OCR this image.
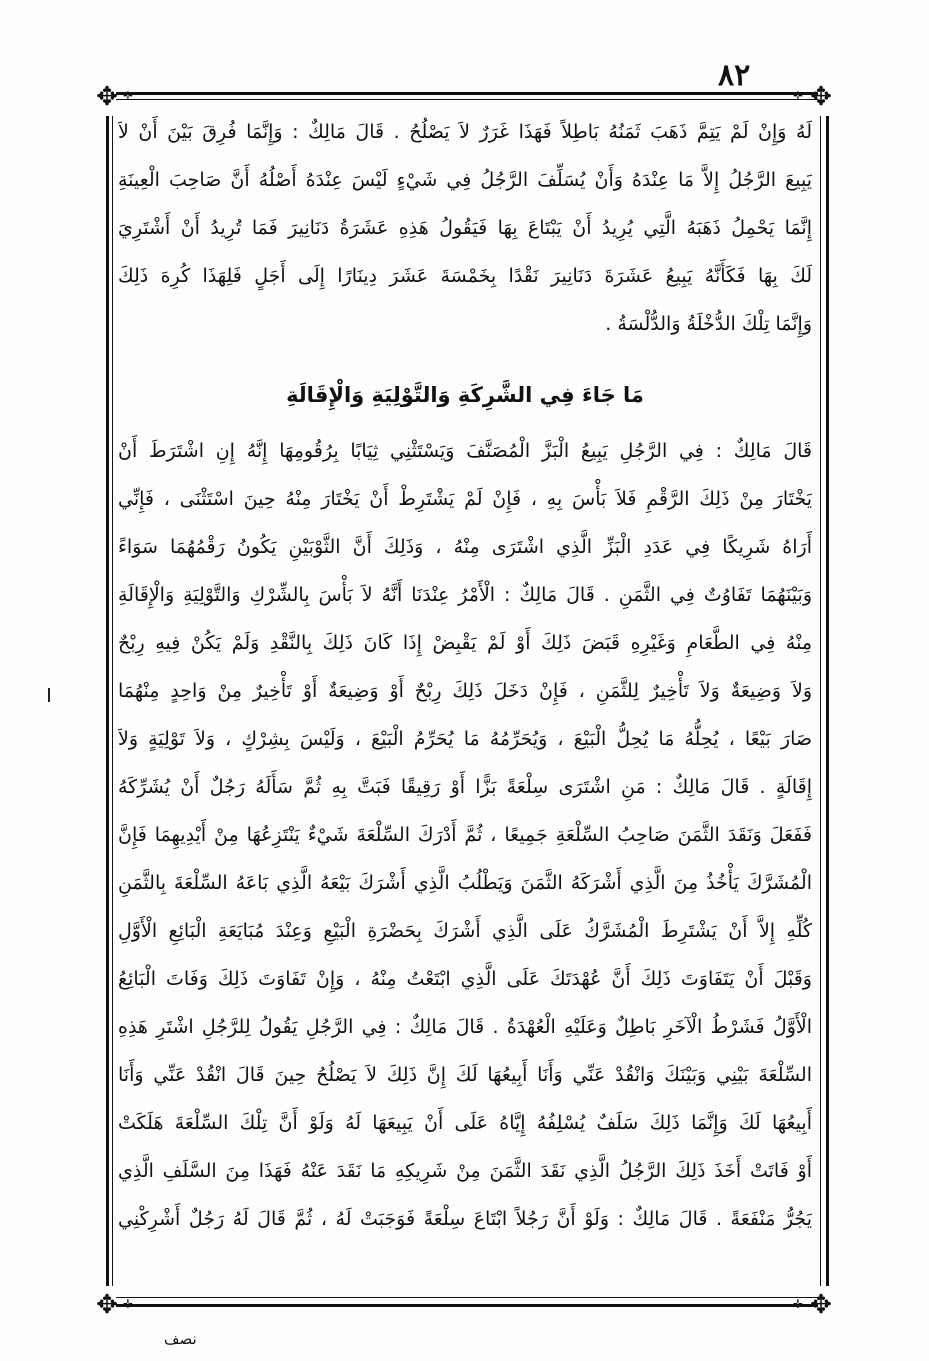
٨٢
✥	✥
✥	✥
✛	✛
✛	✛
لَهُ وَإِنْ لَمْ يَتِمَّ ذَهَبَ ثَمَنُهُ بَاطِلاً فَهَذَا غَرَرٌ لاَ يَصْلُحُ . قَالَ مَالِكٌ : وَإِنَّمَا فُرِقَ بَيْنَ أَنْ لاَ
يَبِيعَ الرَّجُلُ إِلاَّ مَا عِنْدَهُ وَأَنْ يُسَلِّفَ الرَّجُلُ فِي شَيْءٍ لَيْسَ عِنْدَهُ أَصْلُهُ أَنَّ صَاحِبَ الْعِينَةِ
إِنَّمَا يَحْمِلُ ذَهَبَهُ الَّتِي يُرِيدُ أَنْ يَبْتَاعَ بِهَا فَيَقُولُ هَذِهِ عَشَرَةُ دَنَانِيرَ فَمَا تُرِيدُ أَنْ أَشْتَرِيَ
لَكَ بِهَا فَكَأَنَّهُ يَبِيعُ عَشَرَةَ دَنَانِيرَ نَقْدًا بِخَمْسَةَ عَشَرَ دِينَارًا إِلَى أَجَلٍ فَلِهَذَا كُرِهَ ذَلِكَ
وَإِنَّمَا تِلْكَ الدُّخْلَةُ وَالدُّلْسَةُ .
مَا جَاءَ فِي الشَّرِكَةِ وَالتَّوْلِيَةِ وَالْإِقَالَةِ
قَالَ مَالِكٌ : فِي الرَّجُلِ يَبِيعُ الْبَزَّ الْمُصَنَّفَ وَيَسْتَثْنِي ثِيَابًا بِرُقُومِهَا إِنَّهُ إِنِ اشْتَرَطَ أَنْ
يَخْتَارَ مِنْ ذَلِكَ الرَّقْمِ فَلاَ بَأْسَ بِهِ ، فَإِنْ لَمْ يَشْتَرِطْ أَنْ يَخْتَارَ مِنْهُ حِينَ اسْتَثْنَى ، فَإِنِّي
أَرَاهُ شَرِيكًا فِي عَدَدِ الْبَزِّ الَّذِي اشْتَرَى مِنْهُ ، وَذَلِكَ أَنَّ الثَّوْبَيْنِ يَكُونُ رَقْمُهُمَا سَوَاءً
وَبَيْنَهُمَا تَفَاوُتٌ فِي الثَّمَنِ . قَالَ مَالِكٌ : الْأَمْرُ عِنْدَنَا أَنَّهُ لاَ بَأْسَ بِالشِّرْكِ وَالتَّوْلِيَةِ وَالْإِقَالَةِ
مِنْهُ فِي الطَّعَامِ وَغَيْرِهِ قَبَضَ ذَلِكَ أَوْ لَمْ يَقْبِضْ إِذَا كَانَ ذَلِكَ بِالنَّقْدِ وَلَمْ يَكُنْ فِيهِ رِبْحٌ
وَلاَ وَضِيعَةٌ وَلاَ تَأْخِيرٌ لِلثَّمَنِ ، فَإِنْ دَخَلَ ذَلِكَ رِبْحٌ أَوْ وَضِيعَةٌ أَوْ تَأْخِيرٌ مِنْ وَاحِدٍ مِنْهُمَا
صَارَ بَيْعًا ، يُحِلُّهُ مَا يُحِلُّ الْبَيْعَ ، وَيُحَرِّمُهُ مَا يُحَرِّمُ الْبَيْعَ ، وَلَيْسَ بِشِرْكٍ ، وَلاَ تَوْلِيَةٍ وَلاَ
إِقَالَةٍ . قَالَ مَالِكٌ : مَنِ اشْتَرَى سِلْعَةً بَزًّا أَوْ رَقِيقًا فَبَتَّ بِهِ ثُمَّ سَأَلَهُ رَجُلٌ أَنْ يُشَرِّكَهُ
فَفَعَلَ وَنَقَدَ الثَّمَنَ صَاحِبُ السِّلْعَةِ جَمِيعًا ، ثُمَّ أَدْرَكَ السِّلْعَةَ شَيْءٌ يَنْتَزِعُهَا مِنْ أَيْدِيهِمَا فَإِنَّ
الْمُشَرَّكَ يَأْخُذُ مِنَ الَّذِي أَشْرَكَهُ الثَّمَنَ وَيَطْلُبُ الَّذِي أَشْرَكَ بَيْعَهُ الَّذِي بَاعَهُ السِّلْعَةَ بِالثَّمَنِ
كُلِّهِ إِلاَّ أَنْ يَشْتَرِطَ الْمُشَرَّكُ عَلَى الَّذِي أَشْرَكَ بِحَضْرَةِ الْبَيْعِ وَعِنْدَ مُبَايَعَةِ الْبَائِعِ الْأَوَّلِ
وَقَبْلَ أَنْ يَتَفَاوَتَ ذَلِكَ أَنَّ عُهْدَتَكَ عَلَى الَّذِي ابْتَعْتُ مِنْهُ ، وَإِنْ تَفَاوَتَ ذَلِكَ وَفَاتَ الْبَائِعُ
الْأَوَّلُ فَشَرْطُ الْآخَرِ بَاطِلٌ وَعَلَيْهِ الْعُهْدَةُ . قَالَ مَالِكٌ : فِي الرَّجُلِ يَقُولُ لِلرَّجُلِ اشْتَرِ هَذِهِ
السِّلْعَةَ بَيْنِي وَبَيْنَكَ وَانْقُدْ عَنِّي وَأَنَا أَبِيعُهَا لَكَ إِنَّ ذَلِكَ لاَ يَصْلُحُ حِينَ قَالَ انْقُدْ عَنِّي وَأَنَا
أَبِيعُهَا لَكَ وَإِنَّمَا ذَلِكَ سَلَفٌ يُسْلِفُهُ إِيَّاهُ عَلَى أَنْ يَبِيعَهَا لَهُ وَلَوْ أَنَّ تِلْكَ السِّلْعَةَ هَلَكَتْ
أَوْ فَاتَتْ أَخَذَ ذَلِكَ الرَّجُلُ الَّذِي نَقَدَ الثَّمَنَ مِنْ شَرِيكِهِ مَا نَقَدَ عَنْهُ فَهَذَا مِنَ السَّلَفِ الَّذِي
يَجُرُّ مَنْفَعَةً . قَالَ مَالِكٌ : وَلَوْ أَنَّ رَجُلاً ابْتَاعَ سِلْعَةً فَوَجَبَتْ لَهُ ، ثُمَّ قَالَ لَهُ رَجُلٌ أَشْرِكْنِي
نصف
